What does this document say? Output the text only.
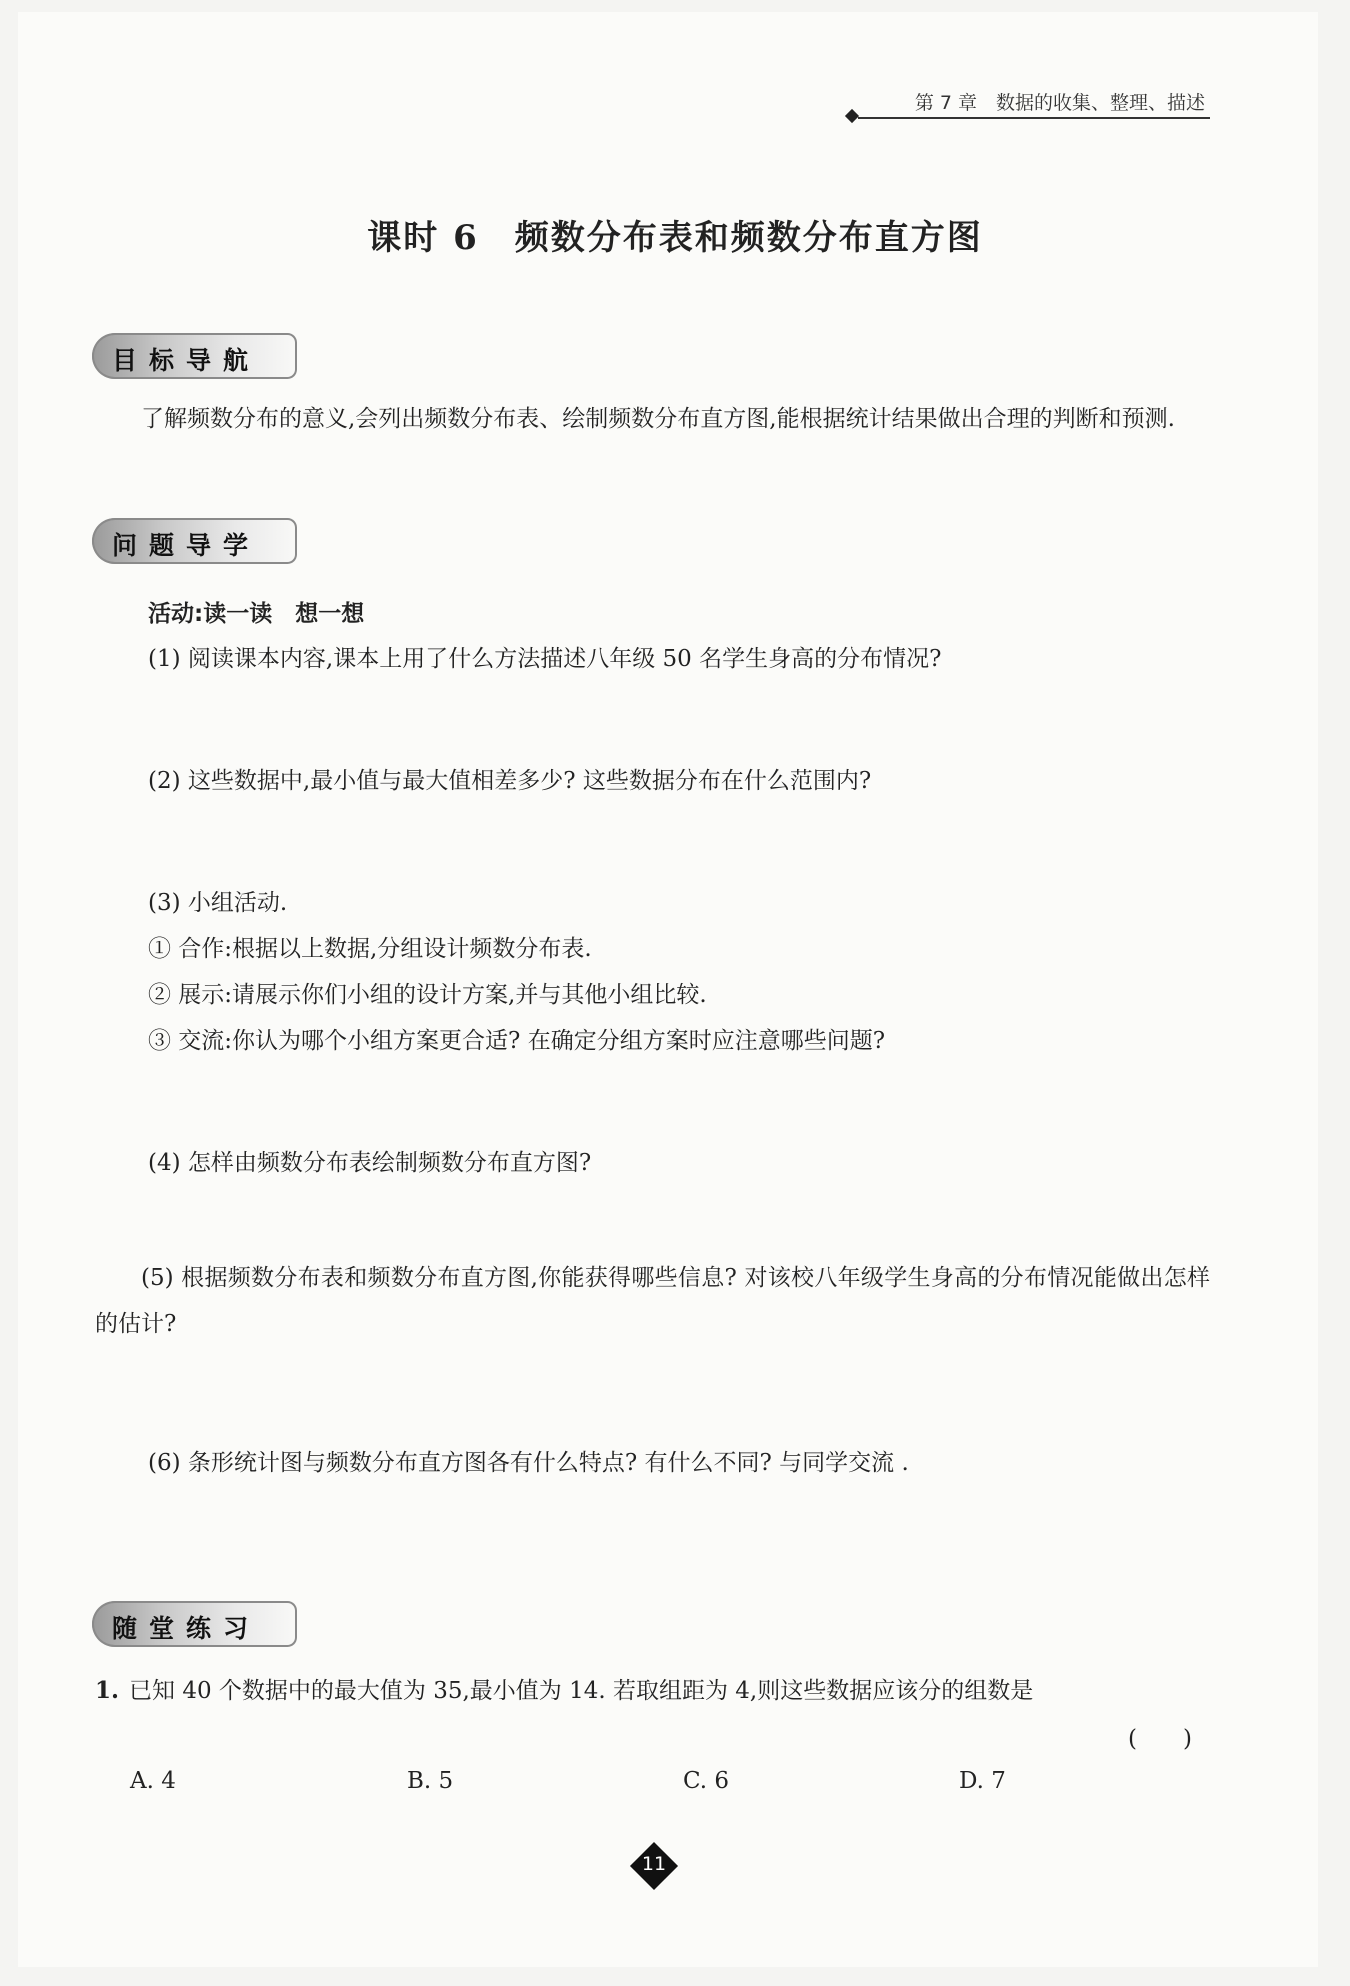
第 7 章　数据的收集、整理、描述
课时 6　频数分布表和频数分布直方图
目标导航
了解频数分布的意义,会列出频数分布表、绘制频数分布直方图,能根据统计结果做出合理的判断和预测.
问题导学
活动:读一读　想一想
(1) 阅读课本内容,课本上用了什么方法描述八年级 50 名学生身高的分布情况?
(2) 这些数据中,最小值与最大值相差多少? 这些数据分布在什么范围内?
(3) 小组活动.
① 合作:根据以上数据,分组设计频数分布表.
② 展示:请展示你们小组的设计方案,并与其他小组比较.
③ 交流:你认为哪个小组方案更合适? 在确定分组方案时应注意哪些问题?
(4) 怎样由频数分布表绘制频数分布直方图?
(5) 根据频数分布表和频数分布直方图,你能获得哪些信息? 对该校八年级学生身高的分布情况能做出怎样的估计?
(6) 条形统计图与频数分布直方图各有什么特点? 有什么不同? 与同学交流 .
随堂练习
1. 已知 40 个数据中的最大值为 35,最小值为 14. 若取组距为 4,则这些数据应该分的组数是
(　　)
A. 4	B. 5	C. 6	D. 7
11
